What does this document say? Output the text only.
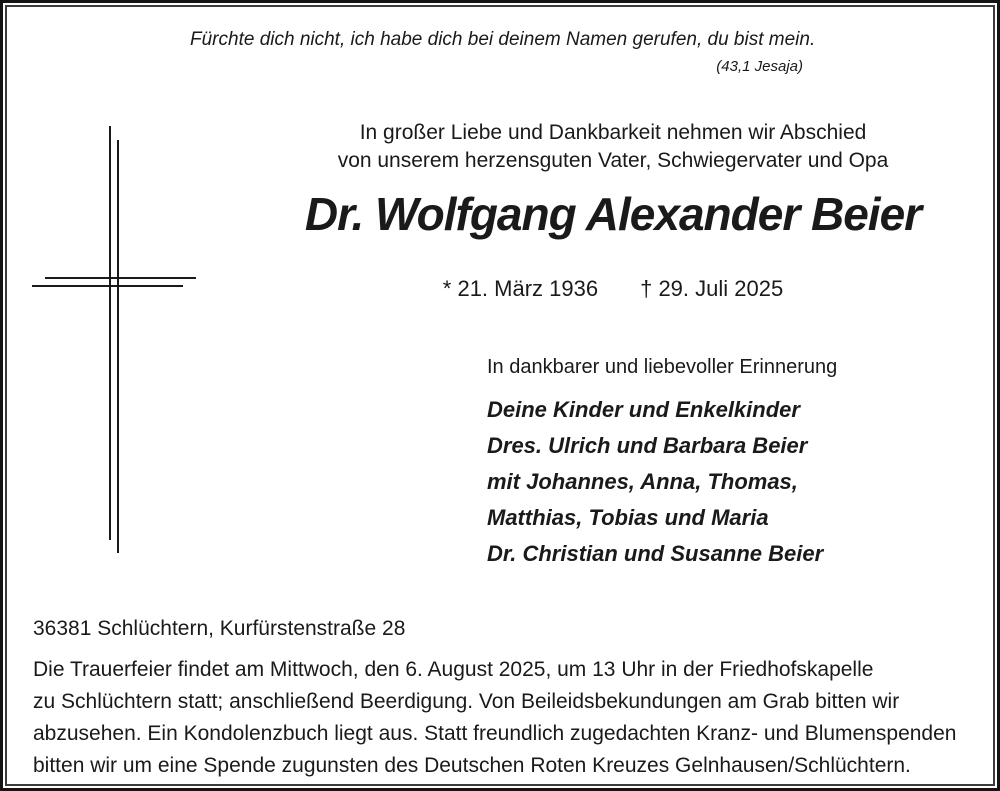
Fürchte dich nicht, ich habe dich bei deinem Namen gerufen, du bist mein.
(43,1 Jesaja)
In großer Liebe und Dankbarkeit nehmen wir Abschied
von unserem herzensguten Vater, Schwiegervater und Opa
Dr. Wolfgang Alexander Beier
* 21. März 1936 † 29. Juli 2025
In dankbarer und liebevoller Erinnerung
Deine Kinder und Enkelkinder
Dres. Ulrich und Barbara Beier
mit Johannes, Anna, Thomas,
Matthias, Tobias und Maria
Dr. Christian und Susanne Beier
36381 Schlüchtern, Kurfürstenstraße 28
Die Trauerfeier findet am Mittwoch, den 6. August 2025, um 13 Uhr in der Friedhofskapelle
zu Schlüchtern statt; anschließend Beerdigung. Von Beileidsbekundungen am Grab bitten wir
abzusehen. Ein Kondolenzbuch liegt aus. Statt freundlich zugedachten Kranz- und Blumenspenden
bitten wir um eine Spende zugunsten des Deutschen Roten Kreuzes Gelnhausen/Schlüchtern.
